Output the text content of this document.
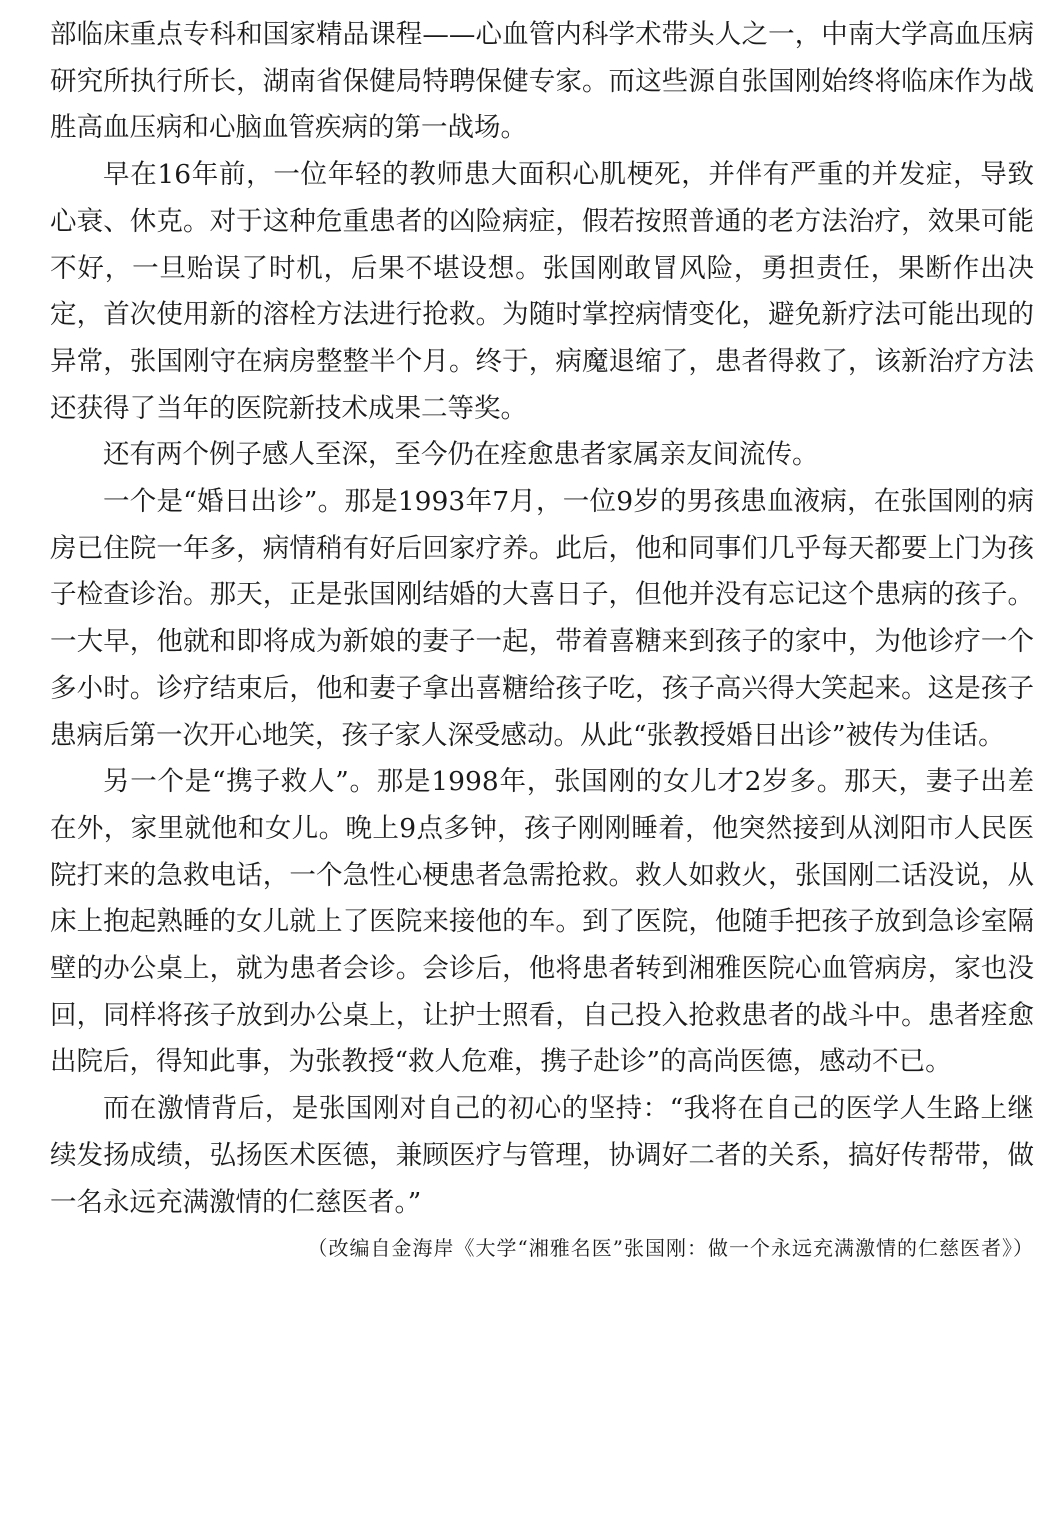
部临床重点专科和国家精品课程——心血管内科学术带头人之一，中南大学高血压病研究所执行所长，湖南省保健局特聘保健专家。而这些源自张国刚始终将临床作为战胜高血压病和心脑血管疾病的第一战场。

早在16年前，一位年轻的教师患大面积心肌梗死，并伴有严重的并发症，导致心衰、休克。对于这种危重患者的凶险病症，假若按照普通的老方法治疗，效果可能不好，一旦贻误了时机，后果不堪设想。张国刚敢冒风险，勇担责任，果断作出决定，首次使用新的溶栓方法进行抢救。为随时掌控病情变化，避免新疗法可能出现的异常，张国刚守在病房整整半个月。终于，病魔退缩了，患者得救了，该新治疗方法还获得了当年的医院新技术成果二等奖。

还有两个例子感人至深，至今仍在痊愈患者家属亲友间流传。

一个是“婚日出诊”。那是1993年7月，一位9岁的男孩患血液病，在张国刚的病房已住院一年多，病情稍有好后回家疗养。此后，他和同事们几乎每天都要上门为孩子检查诊治。那天，正是张国刚结婚的大喜日子，但他并没有忘记这个患病的孩子。一大早，他就和即将成为新娘的妻子一起，带着喜糖来到孩子的家中，为他诊疗一个多小时。诊疗结束后，他和妻子拿出喜糖给孩子吃，孩子高兴得大笑起来。这是孩子患病后第一次开心地笑，孩子家人深受感动。从此“张教授婚日出诊”被传为佳话。

另一个是“携子救人”。那是1998年，张国刚的女儿才2岁多。那天，妻子出差在外，家里就他和女儿。晚上9点多钟，孩子刚刚睡着，他突然接到从浏阳市人民医院打来的急救电话，一个急性心梗患者急需抢救。救人如救火，张国刚二话没说，从床上抱起熟睡的女儿就上了医院来接他的车。到了医院，他随手把孩子放到急诊室隔壁的办公桌上，就为患者会诊。会诊后，他将患者转到湘雅医院心血管病房，家也没回，同样将孩子放到办公桌上，让护士照看，自己投入抢救患者的战斗中。患者痊愈出院后，得知此事，为张教授“救人危难，携子赴诊”的高尚医德，感动不已。

而在激情背后，是张国刚对自己的初心的坚持：“我将在自己的医学人生路上继续发扬成绩，弘扬医术医德，兼顾医疗与管理，协调好二者的关系，搞好传帮带，做一名永远充满激情的仁慈医者。”

（改编自金海岸《大学“湘雅名医”张国刚：做一个永远充满激情的仁慈医者》）
